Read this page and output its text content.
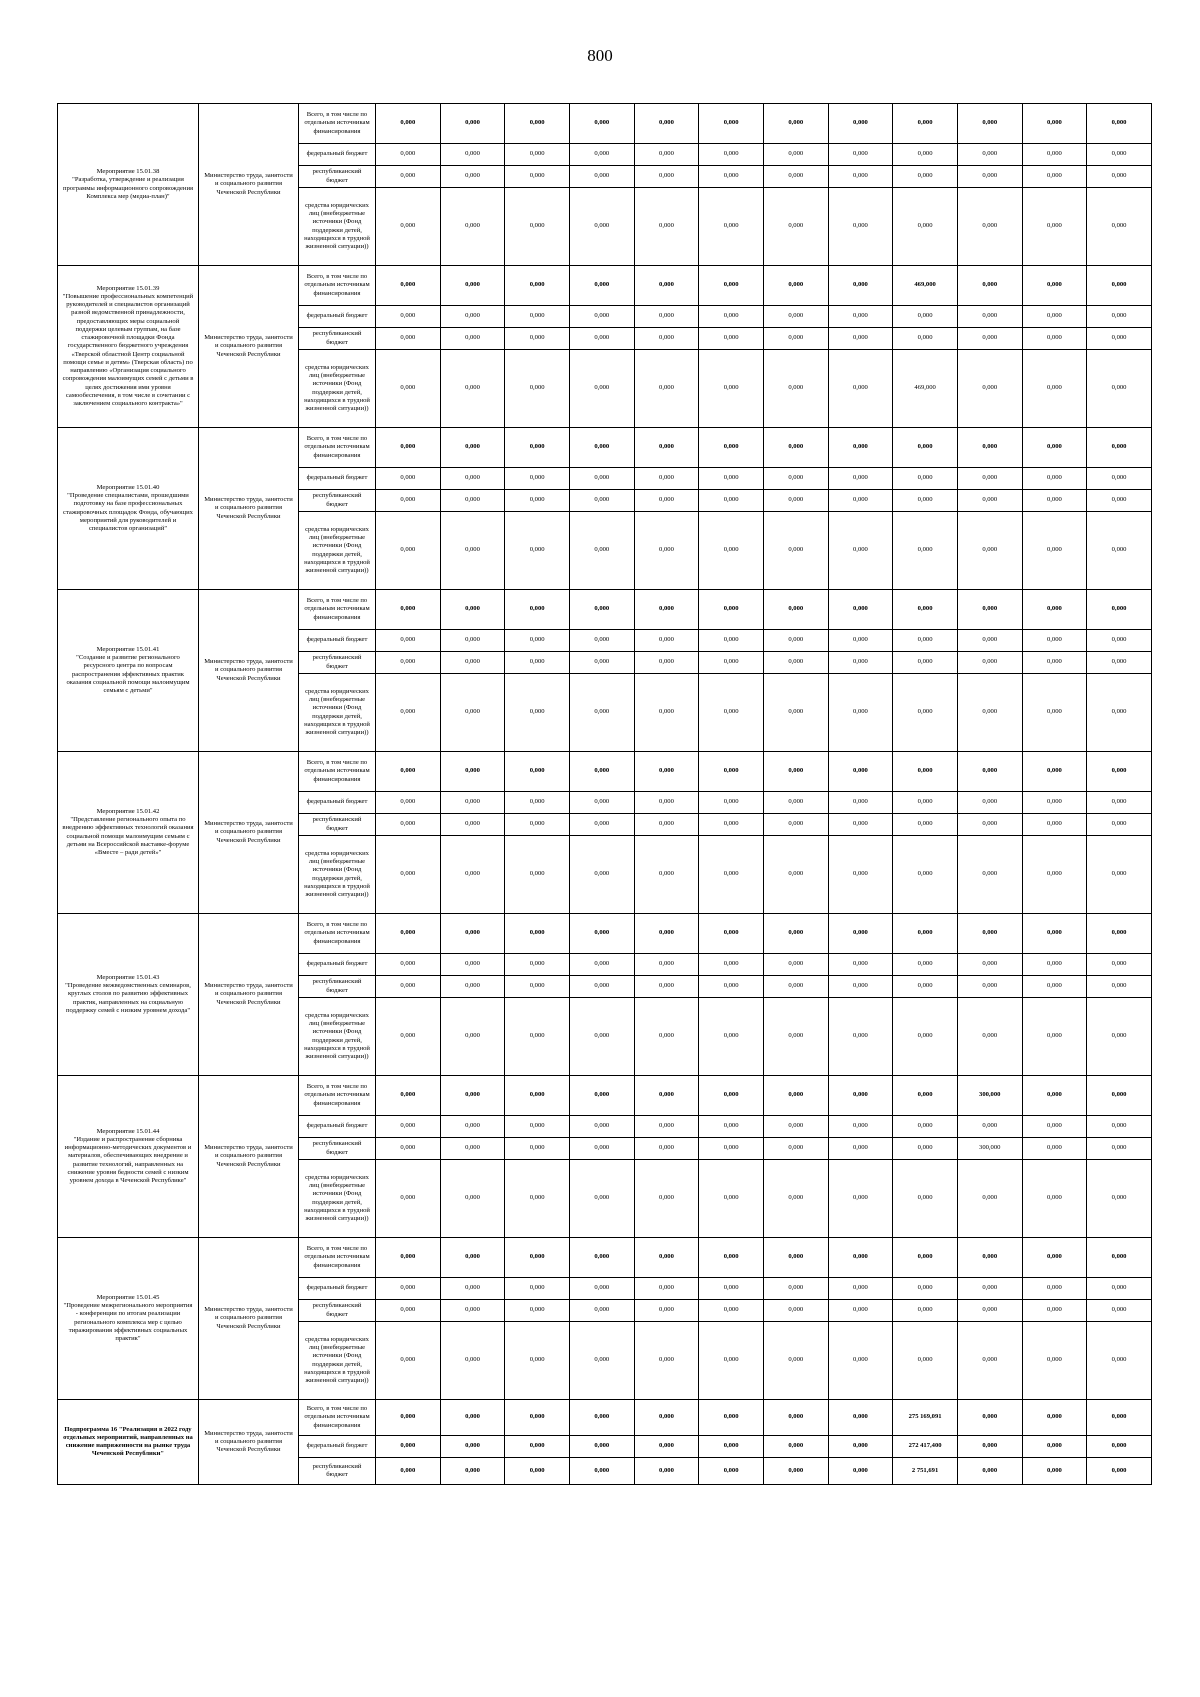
800
Мероприятие 15.01.38
"Разработка, утверждение и реализация программы информационного сопровождения Комплекса мер (медиа-план)"	Министерство труда, занятости и социального развития Чеченской Республики	Всего, в том числе по отдельным источникам финансирования	0,000	0,000	0,000	0,000	0,000	0,000	0,000	0,000	0,000	0,000	0,000	0,000
		федеральный бюджет	0,000	0,000	0,000	0,000	0,000	0,000	0,000	0,000	0,000	0,000	0,000	0,000
		республиканский бюджет	0,000	0,000	0,000	0,000	0,000	0,000	0,000	0,000	0,000	0,000	0,000	0,000
		средства юридических лиц (внебюджетные источники (Фонд поддержки детей, находящихся в трудной жизненной ситуации))	0,000	0,000	0,000	0,000	0,000	0,000	0,000	0,000	0,000	0,000	0,000	0,000
Мероприятие 15.01.39
"Повышение профессиональных компетенций руководителей и специалистов организаций разной ведомственной принадлежности, предоставляющих меры социальной поддержки целевым группам, на базе стажировочной площадки Фонда государственного бюджетного учреждения «Тверской областной Центр социальной помощи семье и детям» (Тверская область) по направлению «Организация социального сопровождения малоимущих семей с детьми в целях достижения ими уровня самообеспечения, в том числе в сочетании с заключением социального контракта»"	Министерство труда, занятости и социального развития Чеченской Республики	Всего, в том числе по отдельным источникам финансирования	0,000	0,000	0,000	0,000	0,000	0,000	0,000	0,000	469,000	0,000	0,000	0,000
		федеральный бюджет	0,000	0,000	0,000	0,000	0,000	0,000	0,000	0,000	0,000	0,000	0,000	0,000
		республиканский бюджет	0,000	0,000	0,000	0,000	0,000	0,000	0,000	0,000	0,000	0,000	0,000	0,000
		средства юридических лиц (внебюджетные источники (Фонд поддержки детей, находящихся в трудной жизненной ситуации))	0,000	0,000	0,000	0,000	0,000	0,000	0,000	0,000	469,000	0,000	0,000	0,000
Мероприятие 15.01.40
"Проведение специалистами, прошедшими подготовку на базе профессиональных стажировочных площадок Фонда, обучающих мероприятий для руководителей и специалистов организаций"	Министерство труда, занятости и социального развития Чеченской Республики	Всего, в том числе по отдельным источникам финансирования	0,000	0,000	0,000	0,000	0,000	0,000	0,000	0,000	0,000	0,000	0,000	0,000
		федеральный бюджет	0,000	0,000	0,000	0,000	0,000	0,000	0,000	0,000	0,000	0,000	0,000	0,000
		республиканский бюджет	0,000	0,000	0,000	0,000	0,000	0,000	0,000	0,000	0,000	0,000	0,000	0,000
		средства юридических лиц (внебюджетные источники (Фонд поддержки детей, находящихся в трудной жизненной ситуации))	0,000	0,000	0,000	0,000	0,000	0,000	0,000	0,000	0,000	0,000	0,000	0,000
Мероприятие 15.01.41
"Создание и развитие регионального ресурсного центра по вопросам распространения эффективных практик оказания социальной помощи малоимущим семьям с детьми"	Министерство труда, занятости и социального развития Чеченской Республики	Всего, в том числе по отдельным источникам финансирования	0,000	0,000	0,000	0,000	0,000	0,000	0,000	0,000	0,000	0,000	0,000	0,000
		федеральный бюджет	0,000	0,000	0,000	0,000	0,000	0,000	0,000	0,000	0,000	0,000	0,000	0,000
		республиканский бюджет	0,000	0,000	0,000	0,000	0,000	0,000	0,000	0,000	0,000	0,000	0,000	0,000
		средства юридических лиц (внебюджетные источники (Фонд поддержки детей, находящихся в трудной жизненной ситуации))	0,000	0,000	0,000	0,000	0,000	0,000	0,000	0,000	0,000	0,000	0,000	0,000
Мероприятие 15.01.42
"Представление регионального опыта по внедрению эффективных технологий оказания социальной помощи малоимущим семьям с детьми на Всероссийской выставке-форуме «Вместе – ради детей»"	Министерство труда, занятости и социального развития Чеченской Республики	Всего, в том числе по отдельным источникам финансирования	0,000	0,000	0,000	0,000	0,000	0,000	0,000	0,000	0,000	0,000	0,000	0,000
		федеральный бюджет	0,000	0,000	0,000	0,000	0,000	0,000	0,000	0,000	0,000	0,000	0,000	0,000
		республиканский бюджет	0,000	0,000	0,000	0,000	0,000	0,000	0,000	0,000	0,000	0,000	0,000	0,000
		средства юридических лиц (внебюджетные источники (Фонд поддержки детей, находящихся в трудной жизненной ситуации))	0,000	0,000	0,000	0,000	0,000	0,000	0,000	0,000	0,000	0,000	0,000	0,000
Мероприятие 15.01.43
"Проведение межведомственных семинаров, круглых столов по развитию эффективных практик, направленных на социальную поддержку семей с низким уровнем дохода"	Министерство труда, занятости и социального развития Чеченской Республики	Всего, в том числе по отдельным источникам финансирования	0,000	0,000	0,000	0,000	0,000	0,000	0,000	0,000	0,000	0,000	0,000	0,000
		федеральный бюджет	0,000	0,000	0,000	0,000	0,000	0,000	0,000	0,000	0,000	0,000	0,000	0,000
		республиканский бюджет	0,000	0,000	0,000	0,000	0,000	0,000	0,000	0,000	0,000	0,000	0,000	0,000
		средства юридических лиц (внебюджетные источники (Фонд поддержки детей, находящихся в трудной жизненной ситуации))	0,000	0,000	0,000	0,000	0,000	0,000	0,000	0,000	0,000	0,000	0,000	0,000
Мероприятие 15.01.44
"Издание и распространение сборника информационно-методических документов и материалов, обеспечивающих внедрение и развитие технологий, направленных на снижение уровня бедности семей с низким уровнем дохода в Чеченской Республике"	Министерство труда, занятости и социального развития Чеченской Республики	Всего, в том числе по отдельным источникам финансирования	0,000	0,000	0,000	0,000	0,000	0,000	0,000	0,000	0,000	300,000	0,000	0,000
		федеральный бюджет	0,000	0,000	0,000	0,000	0,000	0,000	0,000	0,000	0,000	0,000	0,000	0,000
		республиканский бюджет	0,000	0,000	0,000	0,000	0,000	0,000	0,000	0,000	0,000	300,000	0,000	0,000
		средства юридических лиц (внебюджетные источники (Фонд поддержки детей, находящихся в трудной жизненной ситуации))	0,000	0,000	0,000	0,000	0,000	0,000	0,000	0,000	0,000	0,000	0,000	0,000
Мероприятие 15.01.45
"Проведение межрегионального мероприятия - конференции по итогам реализации регионального комплекса мер с целью тиражирования эффективных социальных практик"	Министерство труда, занятости и социального развития Чеченской Республики	Всего, в том числе по отдельным источникам финансирования	0,000	0,000	0,000	0,000	0,000	0,000	0,000	0,000	0,000	0,000	0,000	0,000
		федеральный бюджет	0,000	0,000	0,000	0,000	0,000	0,000	0,000	0,000	0,000	0,000	0,000	0,000
		республиканский бюджет	0,000	0,000	0,000	0,000	0,000	0,000	0,000	0,000	0,000	0,000	0,000	0,000
		средства юридических лиц (внебюджетные источники (Фонд поддержки детей, находящихся в трудной жизненной ситуации))	0,000	0,000	0,000	0,000	0,000	0,000	0,000	0,000	0,000	0,000	0,000	0,000
Подпрограмма 16 "Реализация в 2022 году отдельных мероприятий, направленных на снижение напряженности на рынке труда Чеченской Республики"	Министерство труда, занятости и социального развития Чеченской Республики	Всего, в том числе по отдельным источникам финансирования	0,000	0,000	0,000	0,000	0,000	0,000	0,000	0,000	275 169,091	0,000	0,000	0,000
		федеральный бюджет	0,000	0,000	0,000	0,000	0,000	0,000	0,000	0,000	272 417,400	0,000	0,000	0,000
		республиканский бюджет	0,000	0,000	0,000	0,000	0,000	0,000	0,000	0,000	2 751,691	0,000	0,000	0,000
